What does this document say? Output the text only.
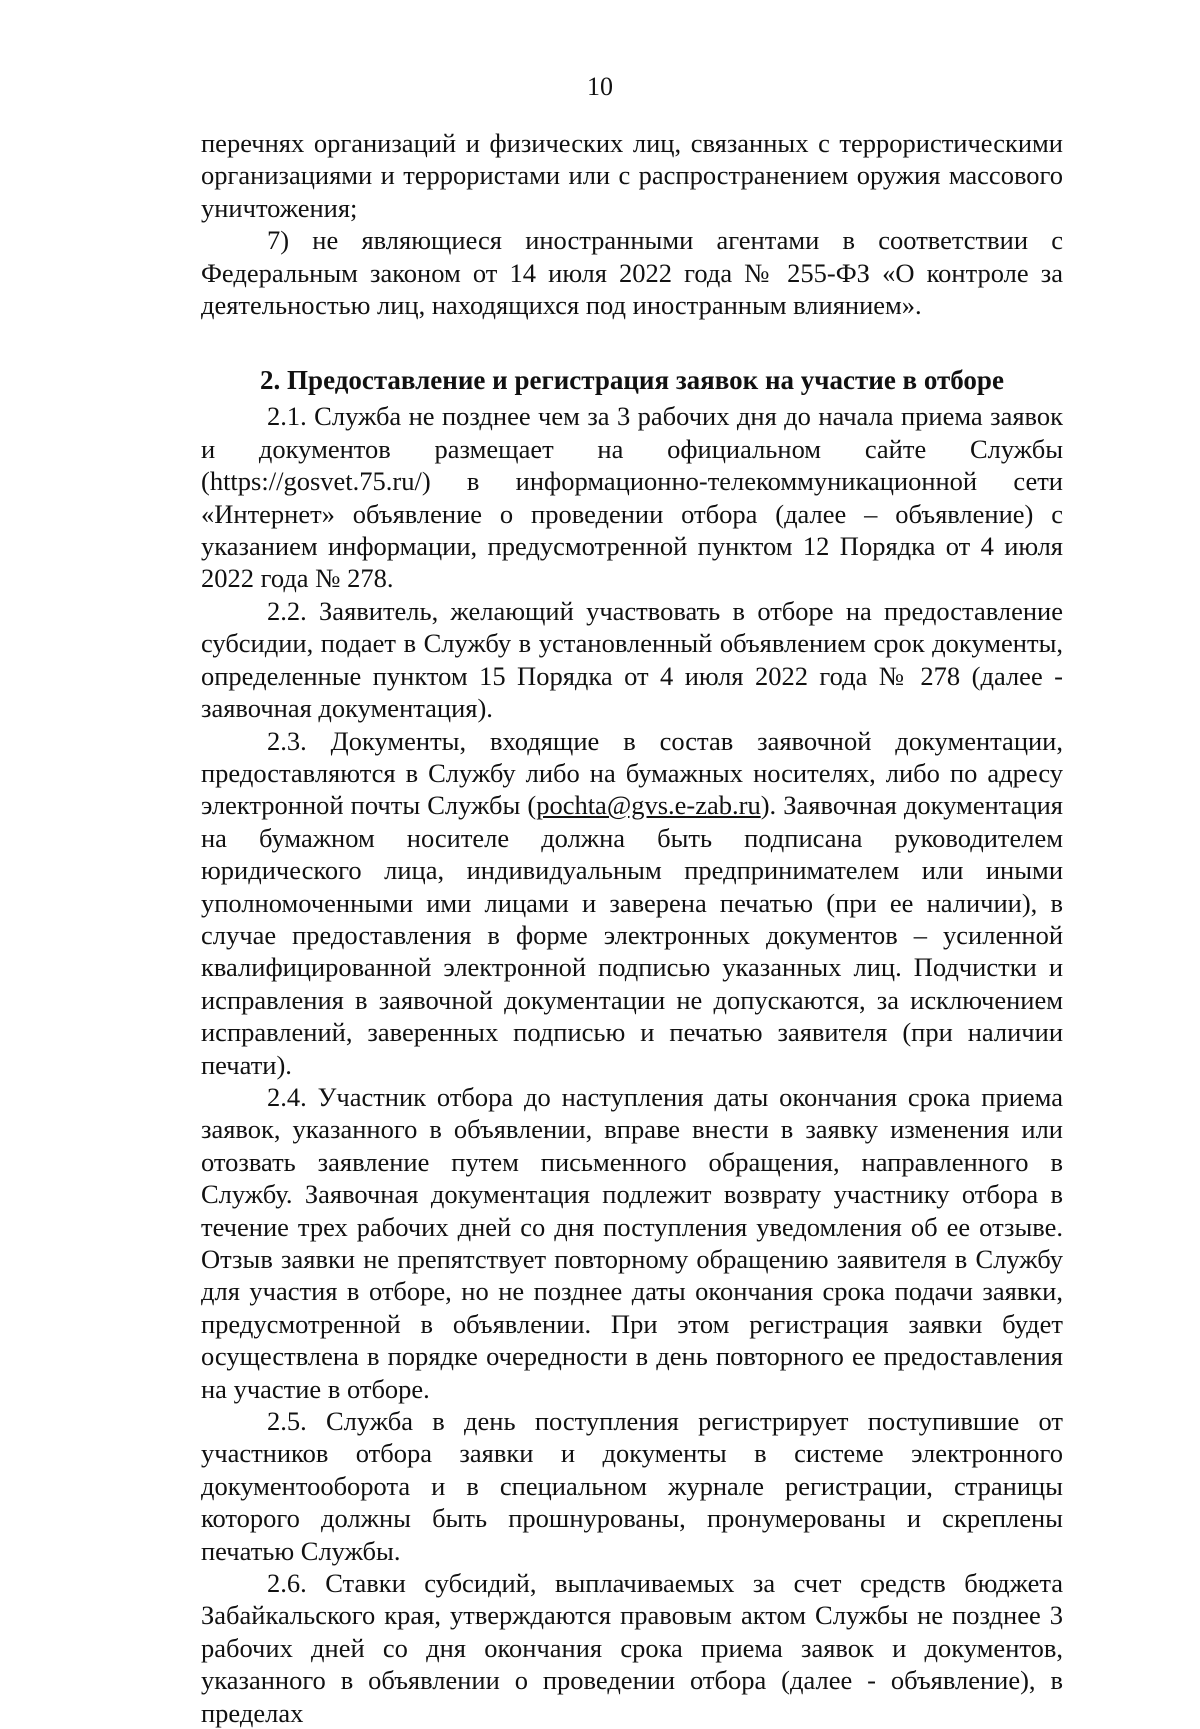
10

перечнях организаций и физических лиц, связанных с террористическими организациями и террористами или с распространением оружия массового уничтожения;

7) не являющиеся иностранными агентами в соответствии с Федеральным законом от 14 июля 2022 года № 255-ФЗ «О контроле за деятельностью лиц, находящихся под иностранным влиянием».

2. Предоставление и регистрация заявок на участие в отборе

2.1. Служба не позднее чем за 3 рабочих дня до начала приема заявок и документов размещает на официальном сайте Службы (https://gosvet.75.ru/) в информационно-телекоммуникационной сети «Интернет» объявление о проведении отбора (далее – объявление) с указанием информации, предусмотренной пунктом 12 Порядка от 4 июля 2022 года № 278.

2.2. Заявитель, желающий участвовать в отборе на предоставление субсидии, подает в Службу в установленный объявлением срок документы, определенные пунктом 15 Порядка от 4 июля 2022 года № 278 (далее - заявочная документация).

2.3. Документы, входящие в состав заявочной документации, предоставляются в Службу либо на бумажных носителях, либо по адресу электронной почты Службы (pochta@gvs.e-zab.ru). Заявочная документация на бумажном носителе должна быть подписана руководителем юридического лица, индивидуальным предпринимателем или иными уполномоченными ими лицами и заверена печатью (при ее наличии), в случае предоставления в форме электронных документов – усиленной квалифицированной электронной подписью указанных лиц. Подчистки и исправления в заявочной документации не допускаются, за исключением исправлений, заверенных подписью и печатью заявителя (при наличии печати).

2.4. Участник отбора до наступления даты окончания срока приема заявок, указанного в объявлении, вправе внести в заявку изменения или отозвать заявление путем письменного обращения, направленного в Службу. Заявочная документация подлежит возврату участнику отбора в течение трех рабочих дней со дня поступления уведомления об ее отзыве. Отзыв заявки не препятствует повторному обращению заявителя в Службу для участия в отборе, но не позднее даты окончания срока подачи заявки, предусмотренной в объявлении. При этом регистрация заявки будет осуществлена в порядке очередности в день повторного ее предоставления на участие в отборе.

2.5. Служба в день поступления регистрирует поступившие от участников отбора заявки и документы в системе электронного документооборота и в специальном журнале регистрации, страницы которого должны быть прошнурованы, пронумерованы и скреплены печатью Службы.

2.6. Ставки субсидий, выплачиваемых за счет средств бюджета Забайкальского края, утверждаются правовым актом Службы не позднее 3 рабочих дней со дня окончания срока приема заявок и документов, указанного в объявлении о проведении отбора (далее - объявление), в пределах
